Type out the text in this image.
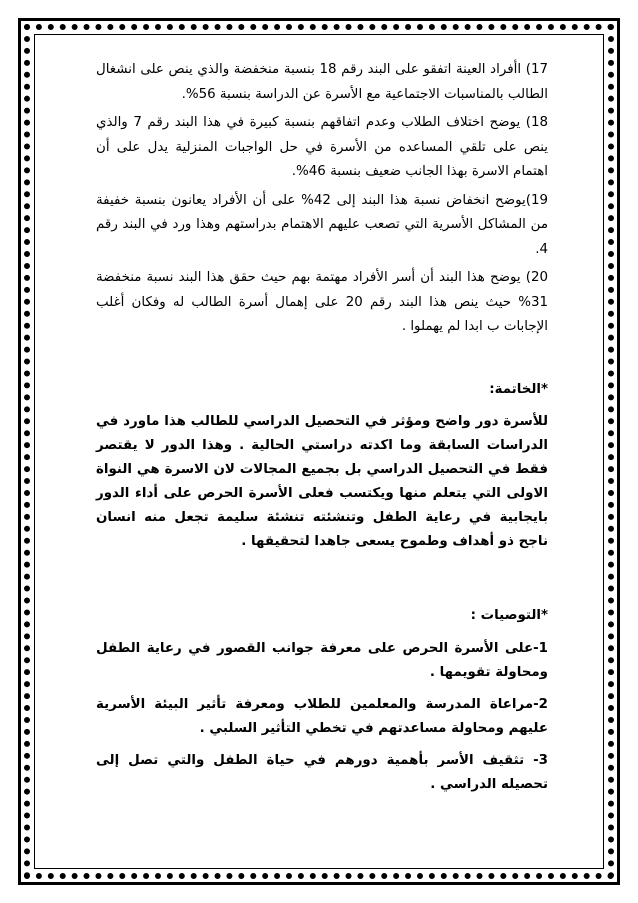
17) اأفراد العينة اتفقو على البند رقم 18 بنسبة منخفضة والذي ينص على انشغال الطالب بالمناسبات الاجتماعية مع الأسرة عن الدراسة بنسبة 56%.

18) يوضح اختلاف الطلاب وعدم اتفاقهم بنسبة كبيرة في هذا البند رقم 7 والذي ينص على تلقي المساعده من الأسرة في حل الواجبات المنزلية يدل على أن اهتمام الاسرة بهذا الجانب ضعيف بنسبة 46%.

19)يوضح انخفاض نسبة هذا البند إلى 42% على أن الأفراد يعانون بنسبة خفيفة من المشاكل الأسرية التي تصعب عليهم الاهتمام بدراستهم وهذا ورد في البند رقم 4.

20) يوضح هذا البند أن أسر الأفراد مهتمة بهم حيث حقق هذا البند نسبة منخفضة 31% حيث ينص هذا البند رقم 20 على إهمال أسرة الطالب له وفكان أغلب الإجابات ب ابدا لم يهملوا .

*الخاتمة:

للأسرة دور واضح ومؤثر في التحصيل الدراسي للطالب هذا ماورد في الدراسات السابقة وما اكدته دراستي الحالية . وهذا الدور لا يقتصر فقط في التحصيل الدراسي بل بجميع المجالات لان الاسرة هي النواة الاولى التي يتعلم منها ويكتسب فعلى الأسرة الحرص على أداء الدور بايجابية في رعاية الطفل وتنشئته تنشئة سليمة تجعل منه انسان ناجح ذو أهداف وطموح يسعى جاهدا لتحقيقها .

*التوصيات :

1-على الأسرة الحرص على معرفة جوانب القصور في رعاية الطفل ومحاولة تقويمها .

2-مراعاة المدرسة والمعلمين للطلاب ومعرفة تأثير البيئة الأسرية عليهم ومحاولة مساعدتهم في تخطي التأثير السلبي .

3- تثقيف الأسر بأهمية دورهم في حياة الطفل والتي تصل إلى تحصيله الدراسي .
